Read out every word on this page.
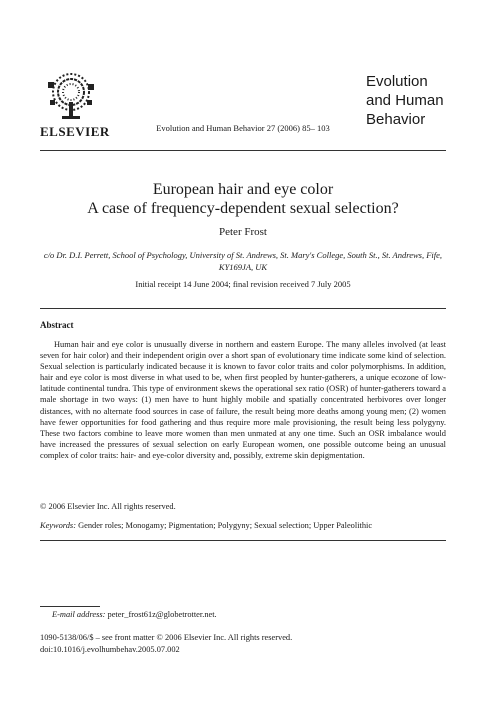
ELSEVIER	Evolution and Human Behavior 27 (2006) 85– 103
Evolution
and Human
Behavior
European hair and eye color
A case of frequency-dependent sexual selection?
Peter Frost
c/o Dr. D.I. Perrett, School of Psychology, University of St. Andrews, St. Mary's College, South St., St. Andrews, Fife, KY169JA, UK
Initial receipt 14 June 2004; final revision received 7 July 2005
Abstract
Human hair and eye color is unusually diverse in northern and eastern Europe. The many alleles involved (at least seven for hair color) and their independent origin over a short span of evolutionary time indicate some kind of selection. Sexual selection is particularly indicated because it is known to favor color traits and color polymorphisms. In addition, hair and eye color is most diverse in what used to be, when first peopled by hunter-gatherers, a unique ecozone of low-latitude continental tundra. This type of environment skews the operational sex ratio (OSR) of hunter-gatherers toward a male shortage in two ways: (1) men have to hunt highly mobile and spatially concentrated herbivores over longer distances, with no alternate food sources in case of failure, the result being more deaths among young men; (2) women have fewer opportunities for food gathering and thus require more male provisioning, the result being less polygyny. These two factors combine to leave more women than men unmated at any one time. Such an OSR imbalance would have increased the pressures of sexual selection on early European women, one possible outcome being an unusual complex of color traits: hair- and eye-color diversity and, possibly, extreme skin depigmentation.
© 2006 Elsevier Inc. All rights reserved.
Keywords: Gender roles; Monogamy; Pigmentation; Polygyny; Sexual selection; Upper Paleolithic
E-mail address: peter_frost61z@globetrotter.net.
1090-5138/06/$ – see front matter © 2006 Elsevier Inc. All rights reserved.
doi:10.1016/j.evolhumbehav.2005.07.002
